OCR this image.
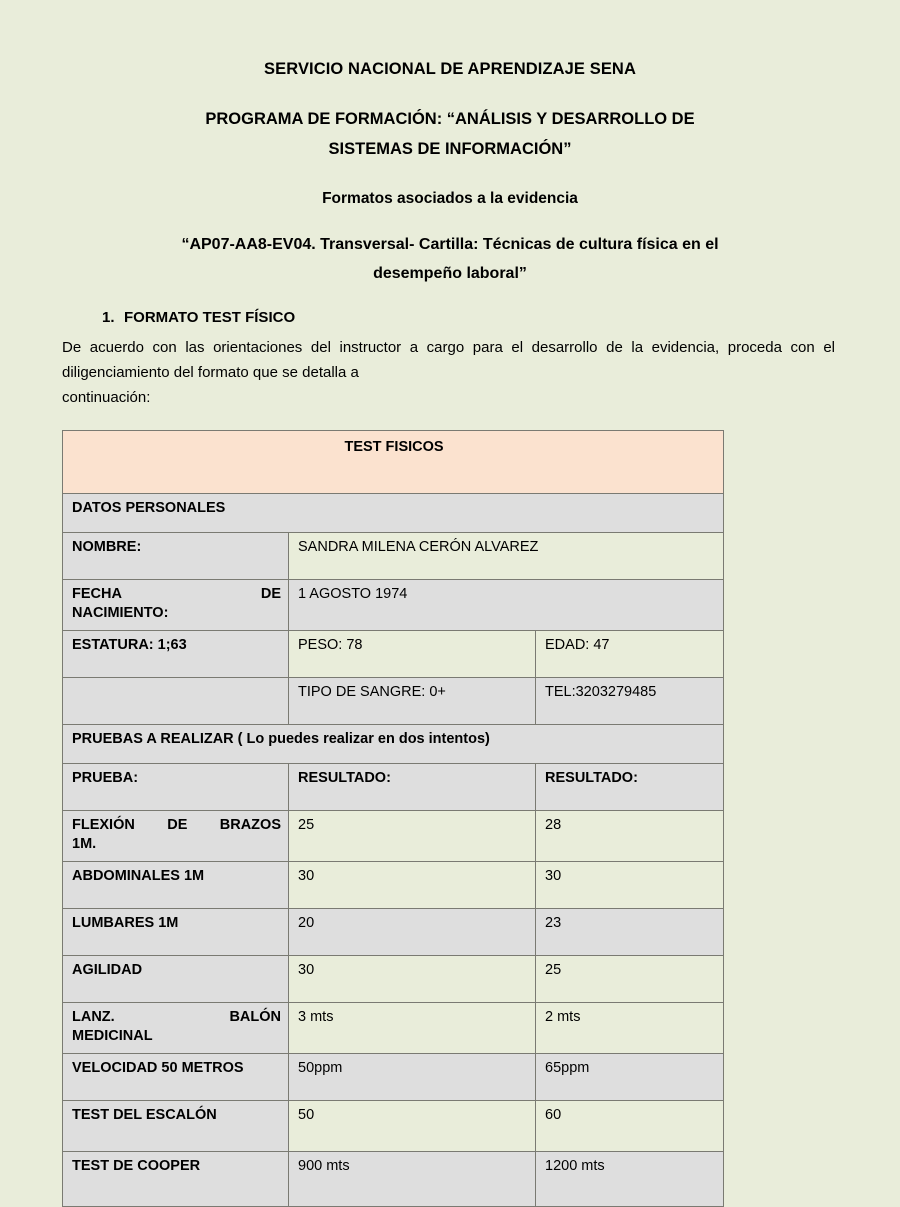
SERVICIO NACIONAL DE APRENDIZAJE SENA
PROGRAMA DE FORMACIÓN: “ANÁLISIS Y DESARROLLO DE
SISTEMAS DE INFORMACIÓN”
Formatos asociados a la evidencia
“AP07-AA8-EV04. Transversal- Cartilla: Técnicas de cultura física en el
desempeño laboral”
1. FORMATO TEST FÍSICO

De acuerdo con las orientaciones del instructor a cargo para el desarrollo de la evidencia, proceda con el diligenciamiento del formato que se detalla a
continuación:

TEST FISICOS		
DATOS PERSONALES		
NOMBRE:	SANDRA MILENA CERÓN ALVAREZ	

FECHA DE
NACIMIENTO:	1 AGOSTO 1974	
ESTATURA: 1;63	PESO: 78	EDAD: 47
	TIPO DE SANGRE: 0+	TEL:3203279485
PRUEBAS A REALIZAR ( Lo puedes realizar en dos intentos)		
PRUEBA:	RESULTADO:	RESULTADO:

FLEXIÓN DE BRAZOS
1M.	25	28
ABDOMINALES 1M	30	30
LUMBARES 1M	20	23
AGILIDAD	30	25

LANZ. BALÓN
MEDICINAL	3 mts	2 mts
VELOCIDAD 50 METROS	50ppm	65ppm
TEST DEL ESCALÓN	50	60
TEST DE COOPER	900 mts	1200 mts
